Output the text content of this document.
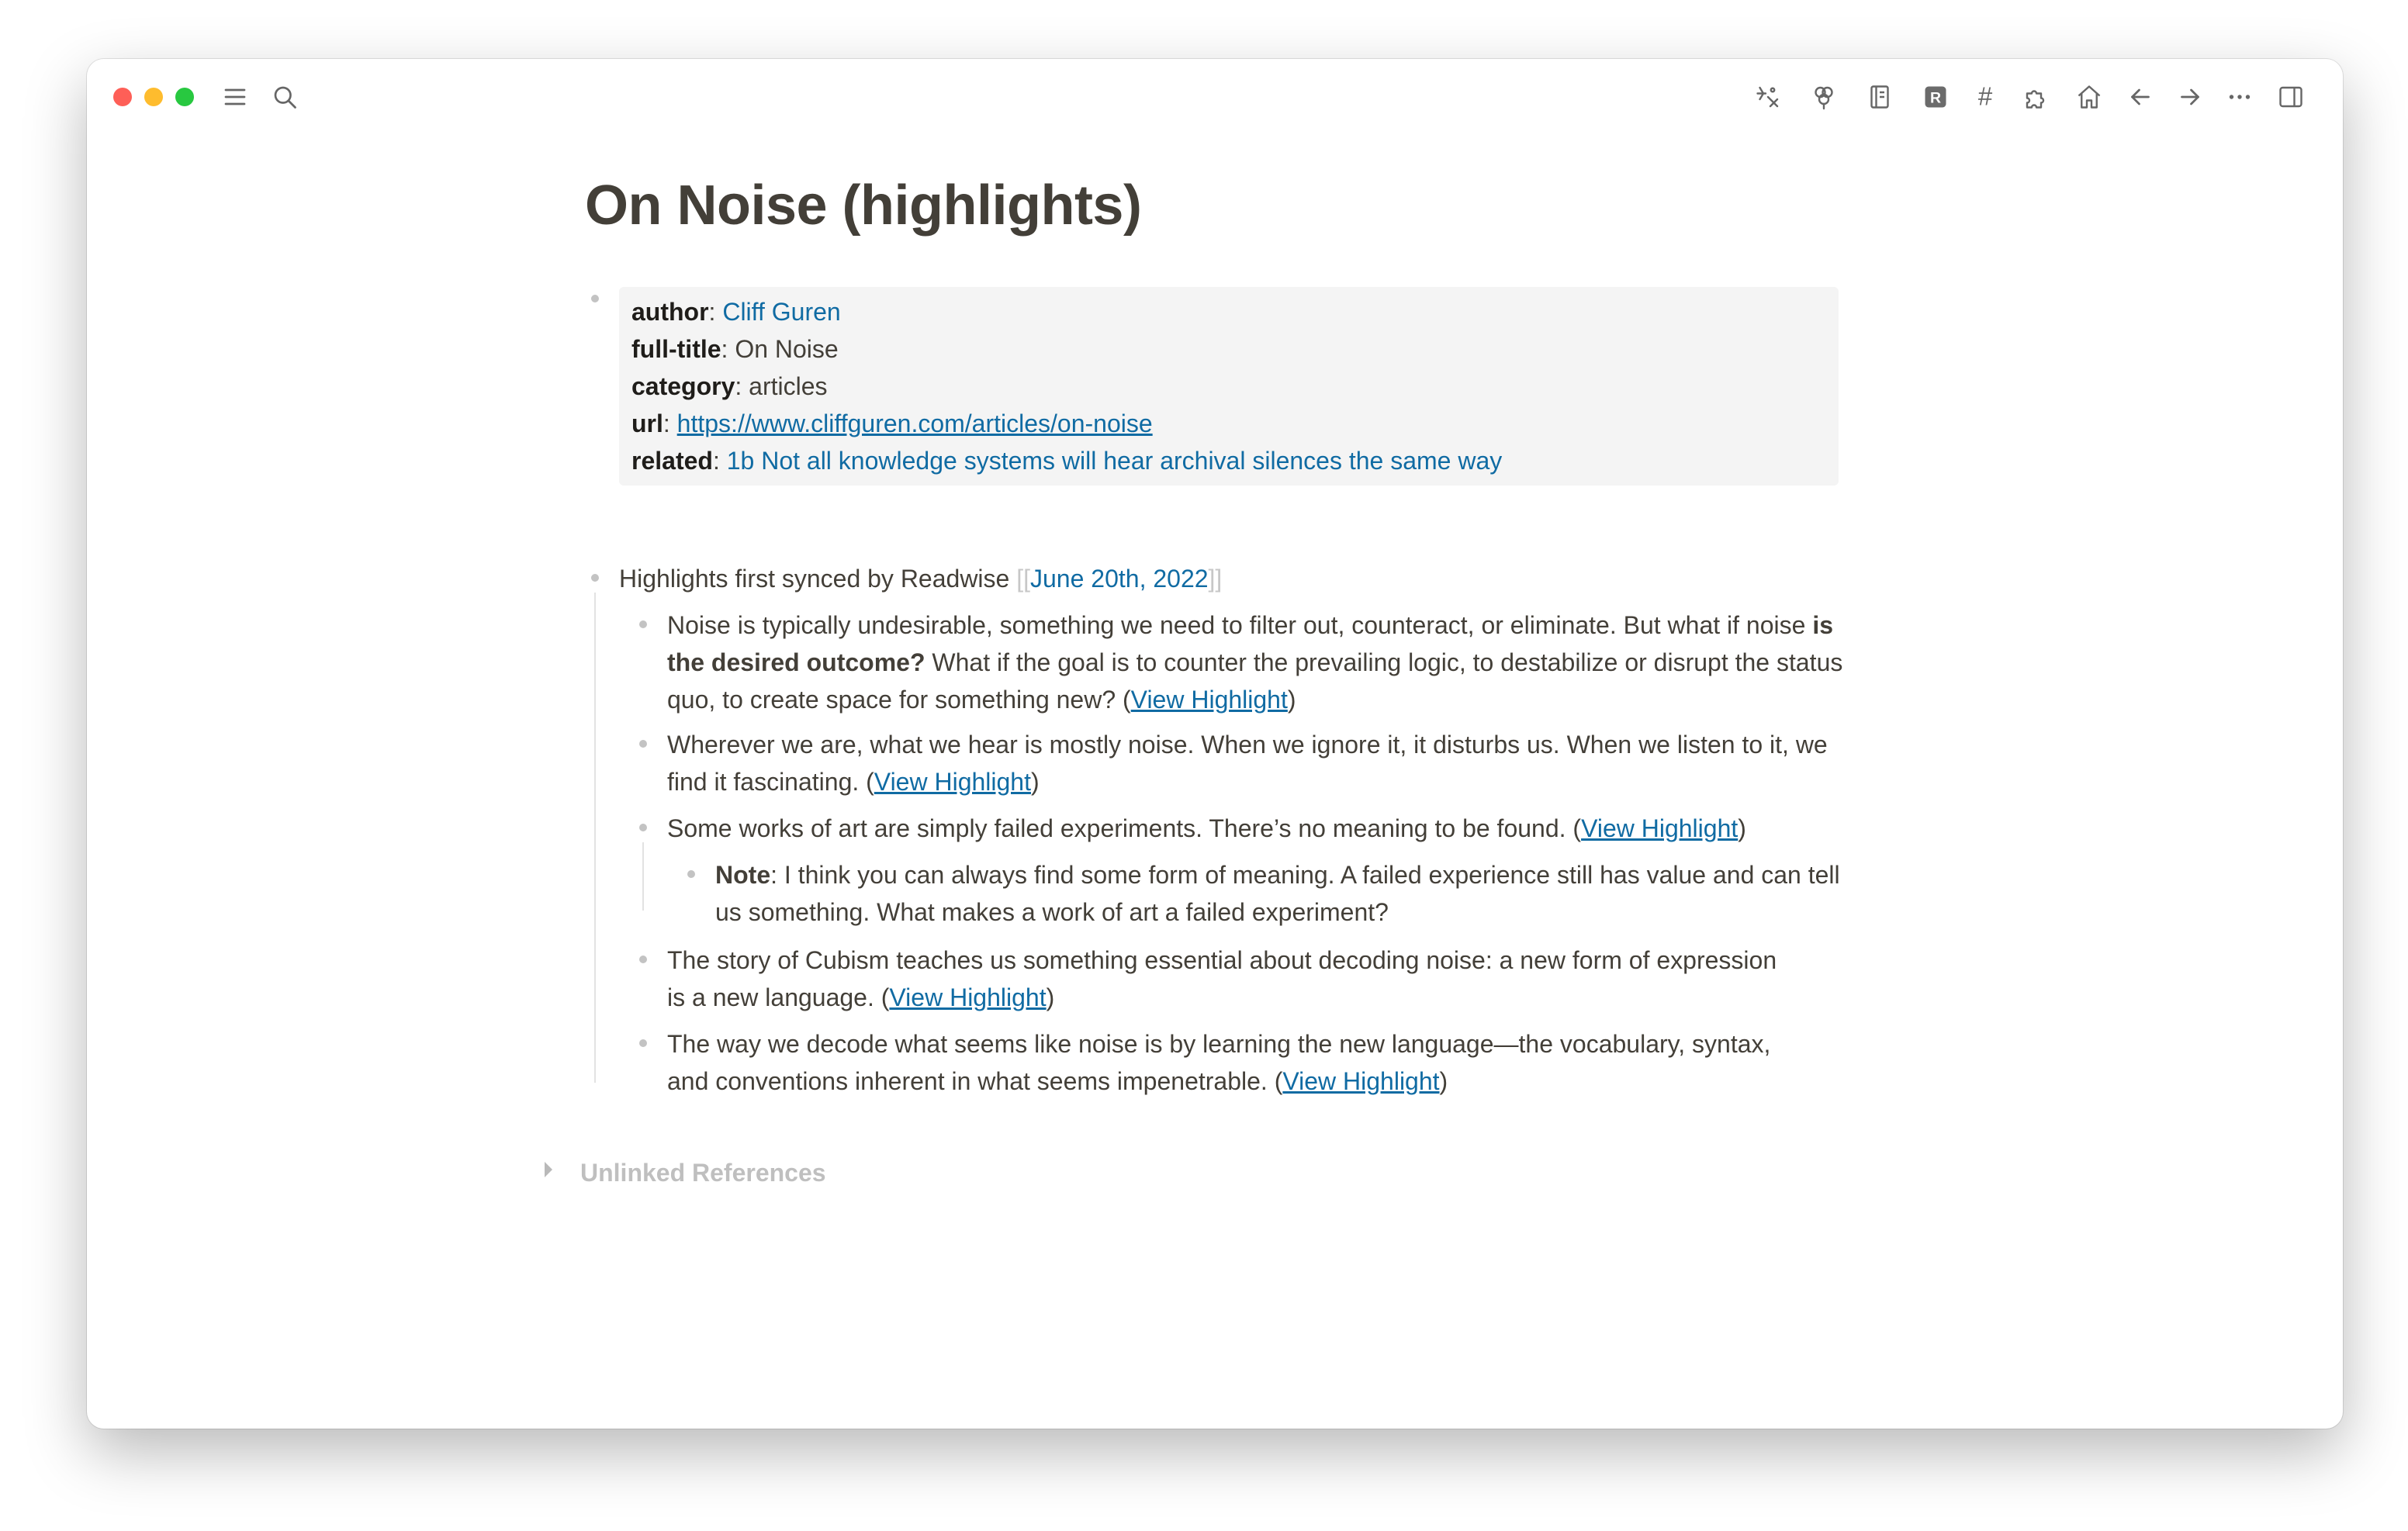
R #
On Noise (highlights)
author: Cliff Guren
full-title: On Noise
category: articles
url: https://www.cliffguren.com/articles/on-noise
related: 1b Not all knowledge systems will hear archival silences the same way
Highlights first synced by Readwise [[June 20th, 2022]]
Noise is typically undesirable, something we need to filter out, counteract, or eliminate. But what if noise is the desired outcome? What if the goal is to counter the prevailing logic, to destabilize or disrupt the status quo, to create space for something new? (View Highlight)
Wherever we are, what we hear is mostly noise. When we ignore it, it disturbs us. When we listen to it, we find it fascinating. (View Highlight)
Some works of art are simply failed experiments. There’s no meaning to be found. (View Highlight)
Note: I think you can always find some form of meaning. A failed experience still has value and can tell us something. What makes a work of art a failed experiment?
The story of Cubism teaches us something essential about decoding noise: a new form of expression is a new language. (View Highlight)
The way we decode what seems like noise is by learning the new language—the vocabulary, syntax, and conventions inherent in what seems impenetrable. (View Highlight)
Unlinked References
